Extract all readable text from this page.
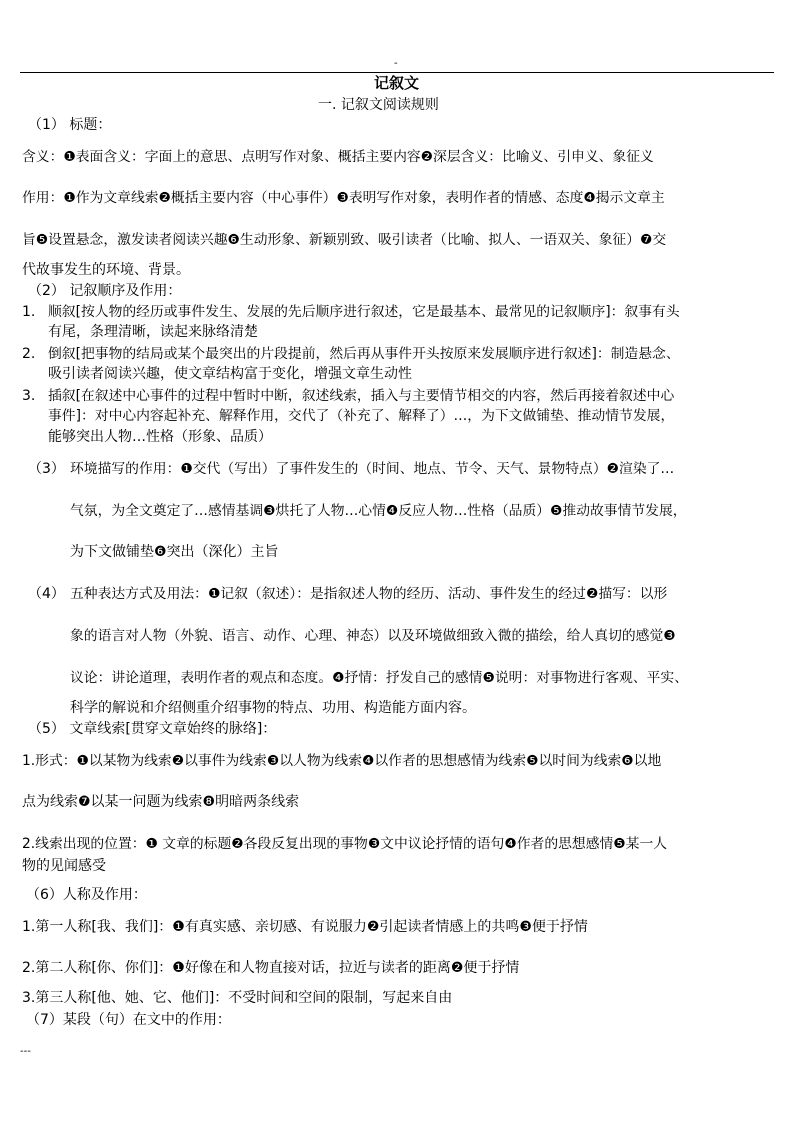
-
记叙文
一. 记叙文阅读规则
（1） 标题：
含义：❶表面含义：字面上的意思、点明写作对象、概括主要内容❷深层含义：比喻义、引申义、象征义
作用：❶作为文章线索❷概括主要内容（中心事件）❸表明写作对象，表明作者的情感、态度❹揭示文章主
旨❺设置悬念，激发读者阅读兴趣❻生动形象、新颖别致、吸引读者（比喻、拟人、一语双关、象征）❼交
代故事发生的环境、背景。
（2） 记叙顺序及作用：
1. 顺叙[按人物的经历或事件发生、发展的先后顺序进行叙述，它是最基本、最常见的记叙顺序]：叙事有头
有尾，条理清晰，读起来脉络清楚
2. 倒叙[把事物的结局或某个最突出的片段提前，然后再从事件开头按原来发展顺序进行叙述]：制造悬念、
吸引读者阅读兴趣，使文章结构富于变化，增强文章生动性
3. 插叙[在叙述中心事件的过程中暂时中断，叙述线索，插入与主要情节相交的内容，然后再接着叙述中心
事件]：对中心内容起补充、解释作用，交代了（补充了、解释了）…，为下文做铺垫、推动情节发展，
能够突出人物…性格（形象、品质）
（3） 环境描写的作用：❶交代（写出）了事件发生的（时间、地点、节令、天气、景物特点）❷渲染了…
气氛，为全文奠定了…感情基调❸烘托了人物…心情❹反应人物…性格（品质）❺推动故事情节发展，
为下文做铺垫❻突出（深化）主旨
（4） 五种表达方式及用法：❶记叙（叙述）：是指叙述人物的经历、活动、事件发生的经过❷描写：以形
象的语言对人物（外貌、语言、动作、心理、神态）以及环境做细致入微的描绘，给人真切的感觉❸
议论：讲论道理，表明作者的观点和态度。❹抒情：抒发自己的感情❺说明：对事物进行客观、平实、
科学的解说和介绍侧重介绍事物的特点、功用、构造能方面内容。
（5） 文章线索[贯穿文章始终的脉络]：
1.形式：❶以某物为线索❷以事件为线索❸以人物为线索❹以作者的思想感情为线索❺以时间为线索❻以地
点为线索❼以某一问题为线索❽明暗两条线索
2.线索出现的位置：❶ 文章的标题❷各段反复出现的事物❸文中议论抒情的语句❹作者的思想感情❺某一人
物的见闻感受
（6）人称及作用：
1.第一人称[我、我们]：❶有真实感、亲切感、有说服力❷引起读者情感上的共鸣❸便于抒情
2.第二人称[你、你们]：❶好像在和人物直接对话，拉近与读者的距离❷便于抒情
3.第三人称[他、她、它、他们]：不受时间和空间的限制，写起来自由
（7）某段（句）在文中的作用：
---
